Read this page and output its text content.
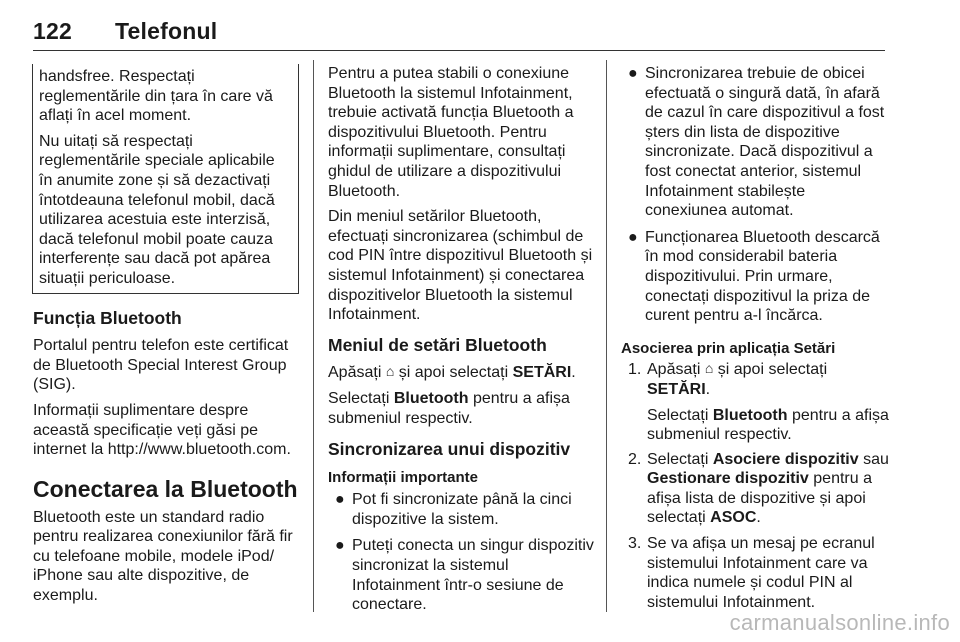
122 Telefonul

handsfree. Respectați reglementările din țara în care vă aflați în acel moment.

Nu uitați să respectați reglementările speciale aplicabile în anumite zone și să dezactivați întotdeauna telefonul mobil, dacă utilizarea acestuia este interzisă, dacă telefonul mobil poate cauza interferențe sau dacă pot apărea situații periculoase.

Funcția Bluetooth

Portalul pentru telefon este certificat de Bluetooth Special Interest Group (SIG).

Informații suplimentare despre această specificație veți găsi pe internet la http://www.bluetooth.com.

Conectarea la Bluetooth

Bluetooth este un standard radio pentru realizarea conexiunilor fără fir cu telefoane mobile, modele iPod/ iPhone sau alte dispozitive, de exemplu.

Pentru a putea stabili o conexiune Bluetooth la sistemul Infotainment, trebuie activată funcția Bluetooth a dispozitivului Bluetooth. Pentru informații suplimentare, consultați ghidul de utilizare a dispozitivului Bluetooth.

Din meniul setărilor Bluetooth, efectuați sincronizarea (schimbul de cod PIN între dispozitivul Bluetooth și sistemul Infotainment) și conectarea dispozitivelor Bluetooth la sistemul Infotainment.

Meniul de setări Bluetooth

Apăsați ⌂ și apoi selectați SETĂRI.

Selectați Bluetooth pentru a afișa submeniul respectiv.

Sincronizarea unui dispozitiv
Informații importante
● Pot fi sincronizate până la cinci dispozitive la sistem.
● Puteți conecta un singur dispozitiv sincronizat la sistemul Infotainment într-o sesiune de conectare.
● Sincronizarea trebuie de obicei efectuată o singură dată, în afară de cazul în care dispozitivul a fost șters din lista de dispozitive sincronizate. Dacă dispozitivul a fost conectat anterior, sistemul Infotainment stabilește conexiunea automat.
● Funcționarea Bluetooth descarcă în mod considerabil bateria dispozitivului. Prin urmare, conectați dispozitivul la priza de curent pentru a-l încărca.
Asocierea prin aplicația Setări
1. Apăsați ⌂ și apoi selectați SETĂRI.
Selectați Bluetooth pentru a afișa submeniul respectiv.
2. Selectați Asociere dispozitiv sau Gestionare dispozitiv pentru a afișa lista de dispozitive și apoi selectați ASOC.
3. Se va afișa un mesaj pe ecranul sistemului Infotainment care va indica numele și codul PIN al sistemului Infotainment.
carmanualsonline.info
